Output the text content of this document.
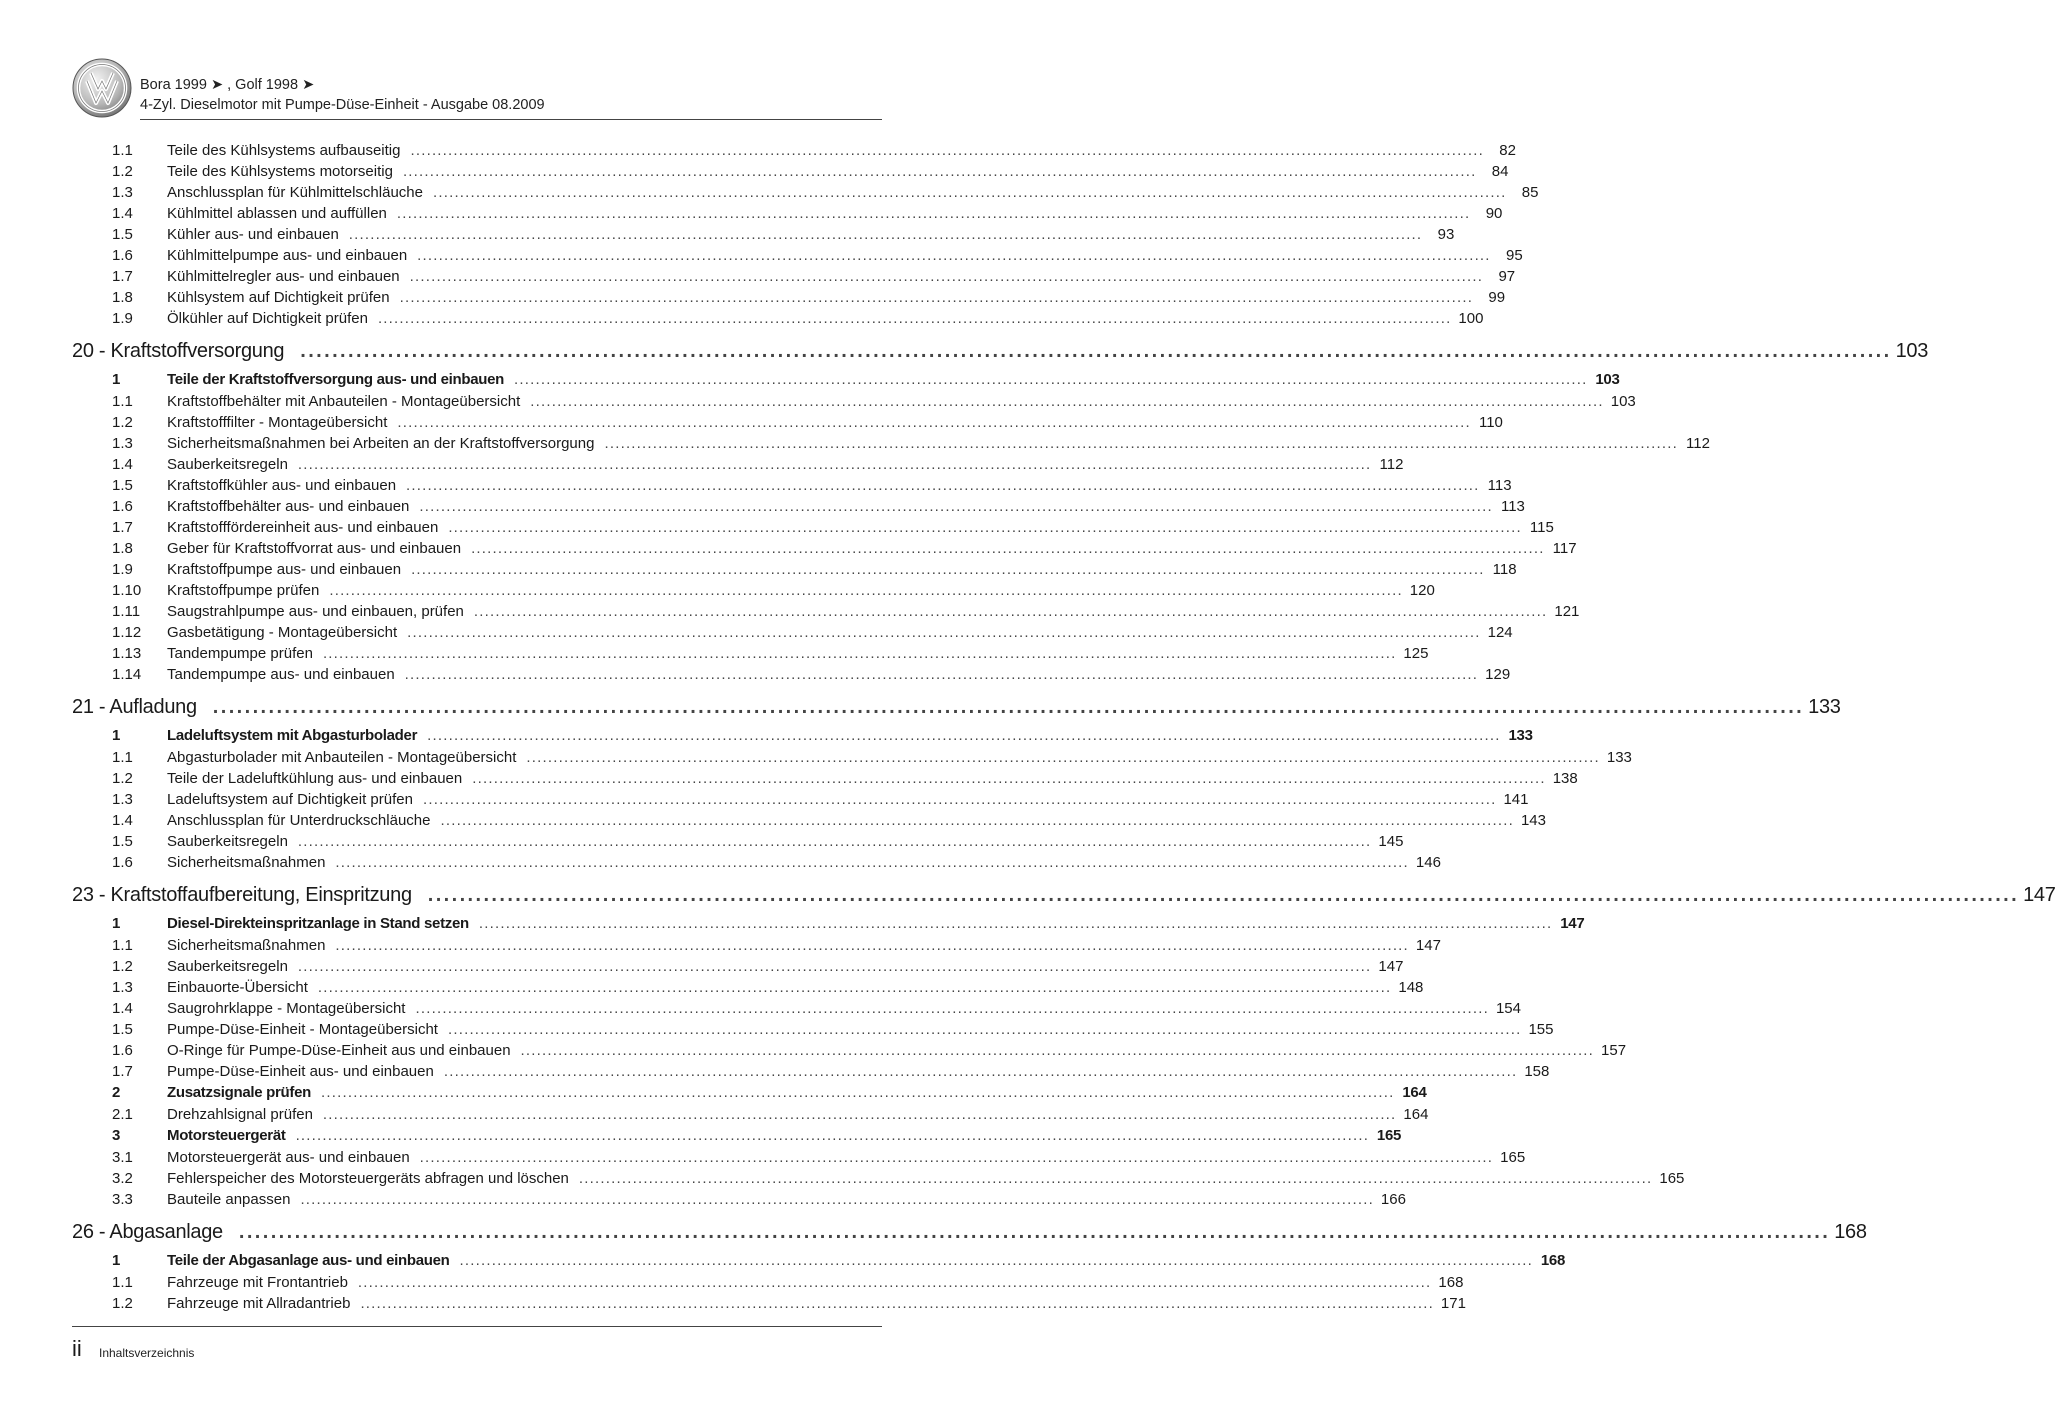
Bora 1999 ➤ , Golf 1998 ➤
4-Zyl. Dieselmotor mit Pumpe-Düse-Einheit - Ausgabe 08.2009
1.1	Teile des Kühlsystems aufbauseitig ........................................................................................................................................................................................................	82
1.2	Teile des Kühlsystems motorseitig ........................................................................................................................................................................................................	84
1.3	Anschlussplan für Kühlmittelschläuche ........................................................................................................................................................................................................	85
1.4	Kühlmittel ablassen und auffüllen ........................................................................................................................................................................................................	90
1.5	Kühler aus- und einbauen ........................................................................................................................................................................................................	93
1.6	Kühlmittelpumpe aus- und einbauen ........................................................................................................................................................................................................	95
1.7	Kühlmittelregler aus- und einbauen ........................................................................................................................................................................................................	97
1.8	Kühlsystem auf Dichtigkeit prüfen ........................................................................................................................................................................................................	99
1.9	Ölkühler auf Dichtigkeit prüfen ........................................................................................................................................................................................................ 100
20 - Kraftstoffversorgung ........................................................................................................................................................................................................ 103
1	Teile der Kraftstoffversorgung aus- und einbauen ........................................................................................................................................................................................................ 103
1.1	Kraftstoffbehälter mit Anbauteilen - Montageübersicht ........................................................................................................................................................................................................ 103
1.2	Kraftstofffilter - Montageübersicht ........................................................................................................................................................................................................ 110
1.3	Sicherheitsmaßnahmen bei Arbeiten an der Kraftstoffversorgung ........................................................................................................................................................................................................ 112
1.4	Sauberkeitsregeln ........................................................................................................................................................................................................ 112
1.5	Kraftstoffkühler aus- und einbauen ........................................................................................................................................................................................................ 113
1.6	Kraftstoffbehälter aus- und einbauen ........................................................................................................................................................................................................ 113
1.7	Kraftstofffördereinheit aus- und einbauen ........................................................................................................................................................................................................ 115
1.8	Geber für Kraftstoffvorrat aus- und einbauen ........................................................................................................................................................................................................ 117
1.9	Kraftstoffpumpe aus- und einbauen ........................................................................................................................................................................................................ 118
1.10	Kraftstoffpumpe prüfen ........................................................................................................................................................................................................ 120
1.11	Saugstrahlpumpe aus- und einbauen, prüfen ........................................................................................................................................................................................................ 121
1.12	Gasbetätigung - Montageübersicht ........................................................................................................................................................................................................ 124
1.13	Tandempumpe prüfen ........................................................................................................................................................................................................ 125
1.14	Tandempumpe aus- und einbauen ........................................................................................................................................................................................................ 129
21 - Aufladung ........................................................................................................................................................................................................ 133
1	Ladeluftsystem mit Abgasturbolader ........................................................................................................................................................................................................ 133
1.1	Abgasturbolader mit Anbauteilen - Montageübersicht ........................................................................................................................................................................................................ 133
1.2	Teile der Ladeluftkühlung aus- und einbauen ........................................................................................................................................................................................................ 138
1.3	Ladeluftsystem auf Dichtigkeit prüfen ........................................................................................................................................................................................................ 141
1.4	Anschlussplan für Unterdruckschläuche ........................................................................................................................................................................................................ 143
1.5	Sauberkeitsregeln ........................................................................................................................................................................................................ 145
1.6	Sicherheitsmaßnahmen ........................................................................................................................................................................................................ 146
23 - Kraftstoffaufbereitung, Einspritzung ........................................................................................................................................................................................................ 147
1	Diesel-Direkteinspritzanlage in Stand setzen ........................................................................................................................................................................................................ 147
1.1	Sicherheitsmaßnahmen ........................................................................................................................................................................................................ 147
1.2	Sauberkeitsregeln ........................................................................................................................................................................................................ 147
1.3	Einbauorte-Übersicht ........................................................................................................................................................................................................ 148
1.4	Saugrohrklappe - Montageübersicht ........................................................................................................................................................................................................ 154
1.5	Pumpe-Düse-Einheit - Montageübersicht ........................................................................................................................................................................................................ 155
1.6	O-Ringe für Pumpe-Düse-Einheit aus und einbauen ........................................................................................................................................................................................................ 157
1.7	Pumpe-Düse-Einheit aus- und einbauen ........................................................................................................................................................................................................ 158
2	Zusatzsignale prüfen ........................................................................................................................................................................................................ 164
2.1	Drehzahlsignal prüfen ........................................................................................................................................................................................................ 164
3	Motorsteuergerät ........................................................................................................................................................................................................ 165
3.1	Motorsteuergerät aus- und einbauen ........................................................................................................................................................................................................ 165
3.2	Fehlerspeicher des Motorsteuergeräts abfragen und löschen ........................................................................................................................................................................................................ 165
3.3	Bauteile anpassen ........................................................................................................................................................................................................ 166
26 - Abgasanlage ........................................................................................................................................................................................................ 168
1	Teile der Abgasanlage aus- und einbauen ........................................................................................................................................................................................................ 168
1.1	Fahrzeuge mit Frontantrieb ........................................................................................................................................................................................................ 168
1.2	Fahrzeuge mit Allradantrieb ........................................................................................................................................................................................................ 171
ii Inhaltsverzeichnis
